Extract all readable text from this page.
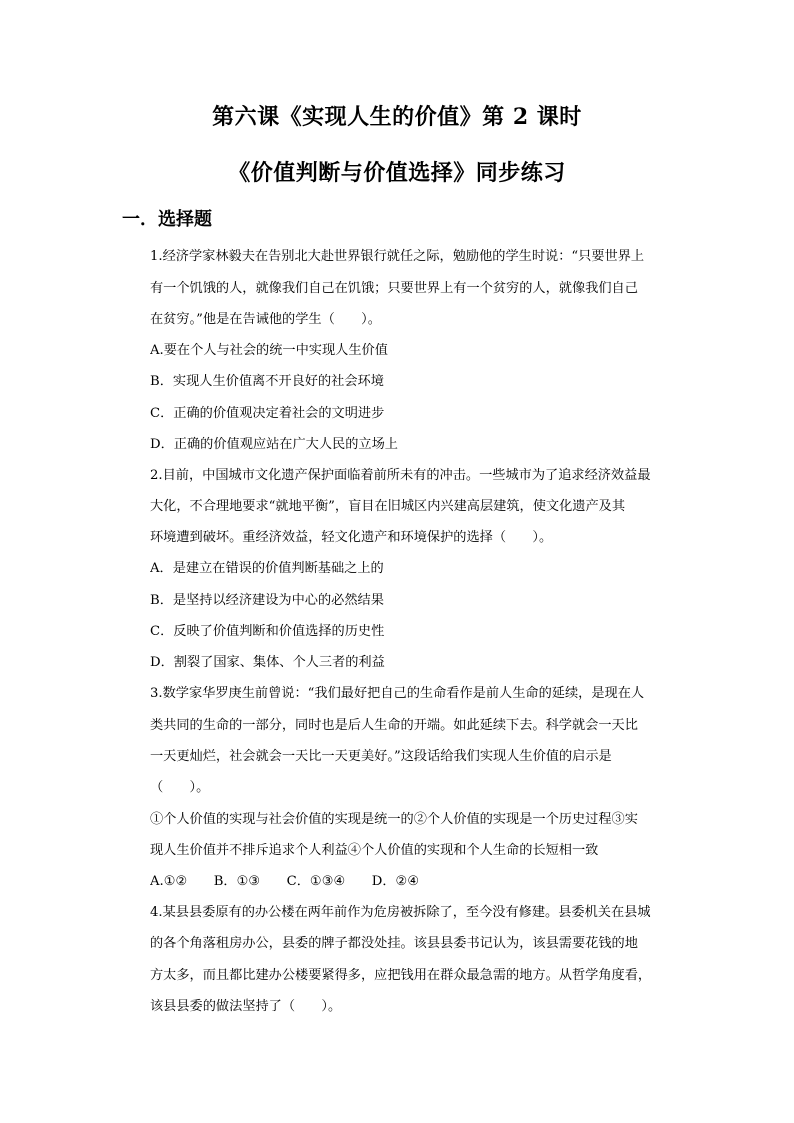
第六课《实现人生的价值》第 2 课时
《价值判断与价值选择》同步练习
一．选择题
1.经济学家林毅夫在告别北大赴世界银行就任之际，勉励他的学生时说：“只要世界上
有一个饥饿的人，就像我们自己在饥饿；只要世界上有一个贫穷的人，就像我们自己
在贫穷。”他是在告诫他的学生（　　）。
A.要在个人与社会的统一中实现人生价值
B．实现人生价值离不开良好的社会环境
C．正确的价值观决定着社会的文明进步
D．正确的价值观应站在广大人民的立场上
2.目前，中国城市文化遗产保护面临着前所未有的冲击。一些城市为了追求经济效益最
大化，不合理地要求“就地平衡”，盲目在旧城区内兴建高层建筑，使文化遗产及其
环境遭到破坏。重经济效益，轻文化遗产和环境保护的选择（　　）。
A．是建立在错误的价值判断基础之上的
B．是坚持以经济建设为中心的必然结果
C．反映了价值判断和价值选择的历史性
D．割裂了国家、集体、个人三者的利益
3.数学家华罗庚生前曾说：“我们最好把自己的生命看作是前人生命的延续，是现在人
类共同的生命的一部分，同时也是后人生命的开端。如此延续下去。科学就会一天比
一天更灿烂，社会就会一天比一天更美好。”这段话给我们实现人生价值的启示是
（　　）。
①个人价值的实现与社会价值的实现是统一的②个人价值的实现是一个历史过程③实
现人生价值并不排斥追求个人利益④个人价值的实现和个人生命的长短相一致
A.①②　　B．①③　　C．①③④　　D．②④
4.某县县委原有的办公楼在两年前作为危房被拆除了，至今没有修建。县委机关在县城
的各个角落租房办公，县委的牌子都没处挂。该县县委书记认为，该县需要花钱的地
方太多，而且都比建办公楼要紧得多，应把钱用在群众最急需的地方。从哲学角度看，
该县县委的做法坚持了（　　）。
